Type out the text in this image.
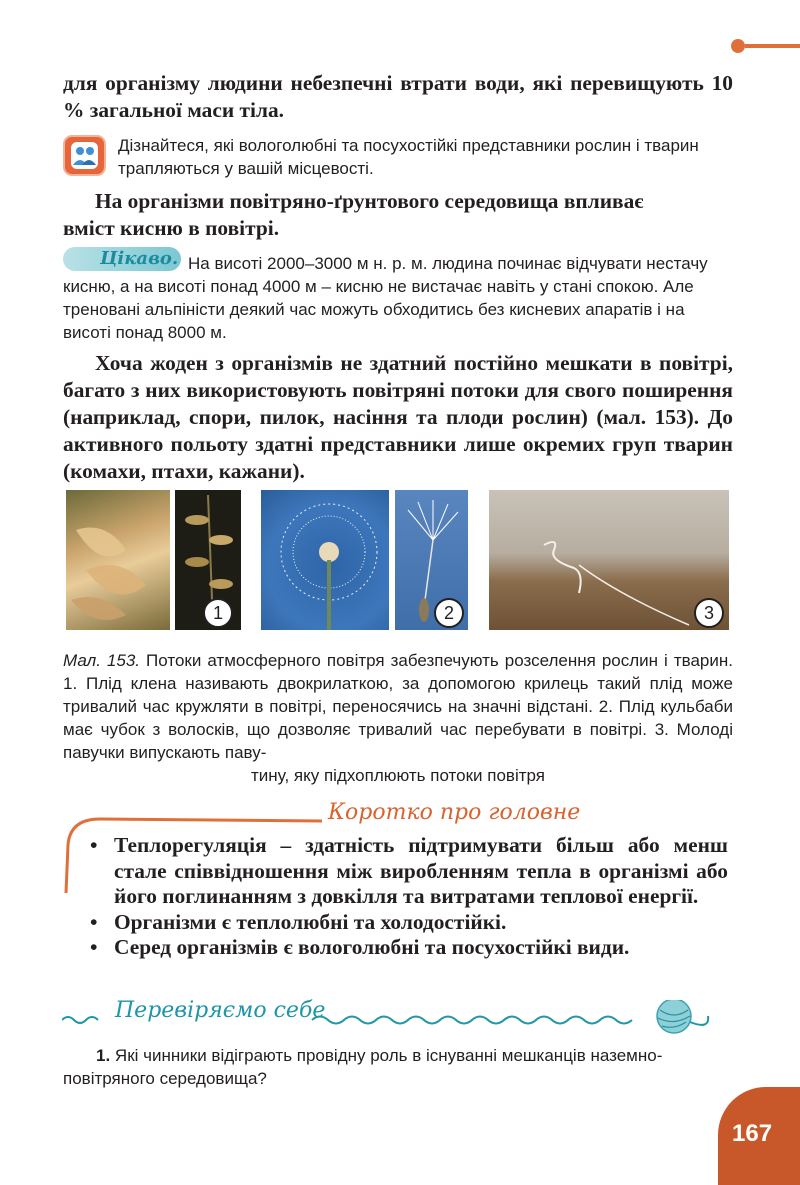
для організму людини небезпечні втрати води, які перевищують 10 % загальної маси тіла.
Дізнайтеся, які вологолюбні та посухостійкі представники рослин і тварин трапляються у вашій місцевості.
На організми повітряно-ґрунтового середовища впливає
вміст кисню в повітрі.
Цікаво. На висоті 2000–3000 м н. р. м. людина починає відчувати нестачу кисню, а на висоті понад 4000 м – кисню не вистачає навіть у стані спокою. Але треновані альпіністи деякий час можуть обходитись без кисневих апаратів і на висоті понад 8000 м.
Хоча жоден з організмів не здатний постійно мешкати в повітрі, багато з них використовують повітряні потоки для свого поширення (наприклад, спори, пилок, насіння та плоди рослин) (мал. 153). До активного польоту здатні представники лише окремих груп тварин (комахи, птахи, кажани).
1	2	3
Мал. 153. Потоки атмосферного повітря забезпечують розселення рослин і тварин. 1. Плід клена називають двокрилаткою, за допомогою крилець такий плід може тривалий час кружляти в повітрі, переносячись на значні відстані. 2. Плід кульбаби має чубок з волосків, що дозволяє тривалий час перебувати в повітрі. 3. Молоді павучки випускають паву-
тину, яку підхоплюють потоки повітря
Коротко про головне
• Теплорегуляція – здатність підтримувати більш або менш стале співвідношення між виробленням тепла в організмі або його поглинанням з довкілля та витратами теплової енергії.
• Організми є теплолюбні та холодостійкі.
• Серед організмів є вологолюбні та посухостійкі види.
Перевіряємо себе
1. Які чинники відіграють провідну роль в існуванні мешканців наземно-
повітряного середовища?
167
